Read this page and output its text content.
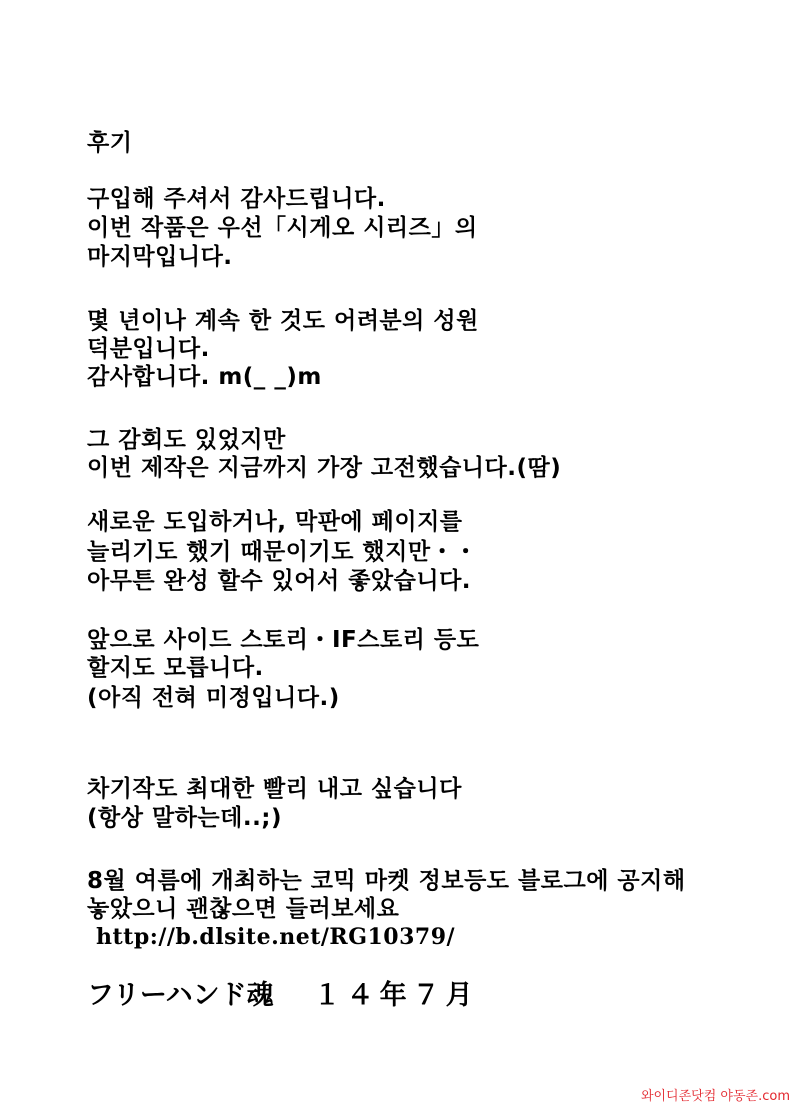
후기
구입해 주셔서 감사드립니다.
이번 작품은 우선「시게오 시리즈」의
마지막입니다.
몇 년이나 계속 한 것도 어려분의 성원
덕분입니다.
감사합니다. m(_ _)m
그 감회도 있었지만
이번 제작은 지금까지 가장 고전했습니다.(땀)
새로운 도입하거나, 막판에 페이지를
늘리기도 했기 때문이기도 했지만・・
아무튼 완성 할수 있어서 좋았습니다.
앞으로 사이드 스토리・IF스토리 등도
할지도 모릅니다.
(아직 전혀 미정입니다.)
차기작도 최대한 빨리 내고 싶습니다
(항상 말하는데..;)
8월 여름에 개최하는 코믹 마켓 정보등도 블로그에 공지해
놓았으니 괜찮으면 들러보세요
http://b.dlsite.net/RG10379/
フリーハンド魂 １４年７月
와이디존닷컴 야동존.com
